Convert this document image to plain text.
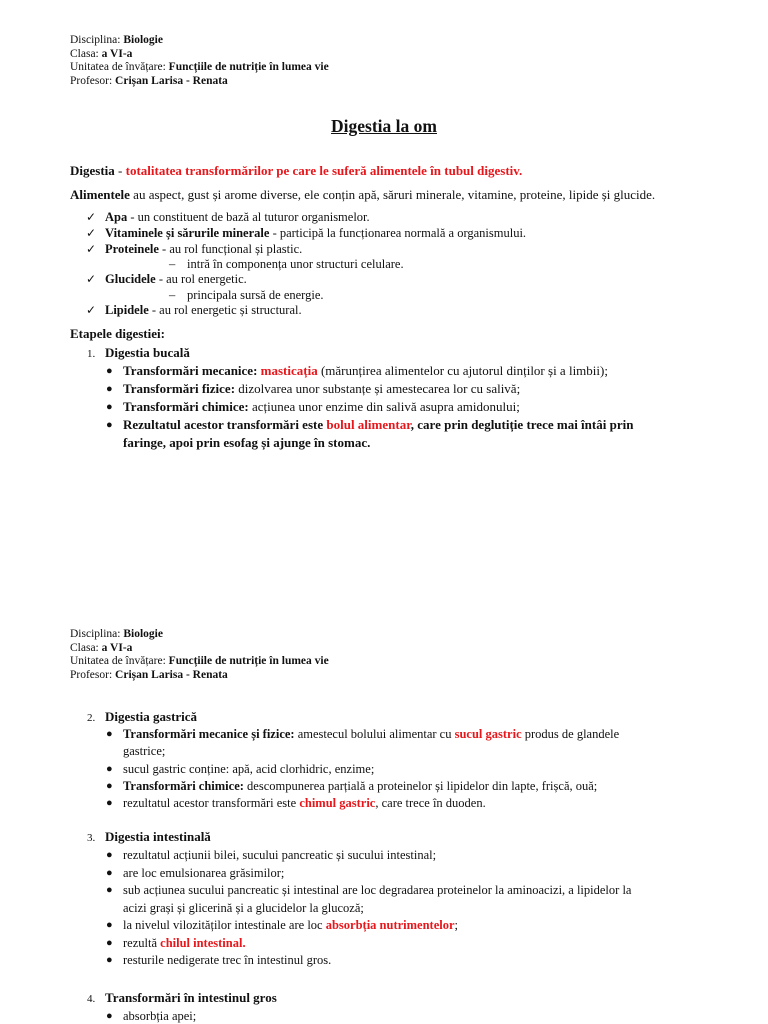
Disciplina: Biologie
Clasa: a VI-a
Unitatea de învățare: Funcțiile de nutriție în lumea vie
Profesor: Crișan Larisa - Renata
Digestia la om
Digestia - totalitatea transformărilor pe care le suferă alimentele în tubul digestiv.
Alimentele au aspect, gust și arome diverse, ele conțin apă, săruri minerale, vitamine, proteine, lipide și glucide.
✓ Apa - un constituent de bază al tuturor organismelor.
✓ Vitaminele și sărurile minerale - participă la funcționarea normală a organismului.
✓ Proteinele - au rol funcțional și plastic.
– intră în componența unor structuri celulare.
✓ Glucidele - au rol energetic.
– principala sursă de energie.
✓ Lipidele - au rol energetic și structural.
Etapele digestiei:
1. Digestia bucală
● Transformări mecanice: masticația (mărunțirea alimentelor cu ajutorul dinților și a limbii);
● Transformări fizice: dizolvarea unor substanțe și amestecarea lor cu salivă;
● Transformări chimice: acțiunea unor enzime din salivă asupra amidonului;
● Rezultatul acestor transformări este bolul alimentar, care prin deglutiție trece mai întâi prin
faringe, apoi prin esofag și ajunge în stomac.
Disciplina: Biologie
Clasa: a VI-a
Unitatea de învățare: Funcțiile de nutriție în lumea vie
Profesor: Crișan Larisa - Renata
2. Digestia gastrică
● Transformări mecanice și fizice: amestecul bolului alimentar cu sucul gastric produs de glandele
gastrice;
● sucul gastric conține: apă, acid clorhidric, enzime;
● Transformări chimice: descompunerea parțială a proteinelor și lipidelor din lapte, frișcă, ouă;
● rezultatul acestor transformări este chimul gastric, care trece în duoden.
3. Digestia intestinală
● rezultatul acțiunii bilei, sucului pancreatic și sucului intestinal;
● are loc emulsionarea grăsimilor;
● sub acțiunea sucului pancreatic și intestinal are loc degradarea proteinelor la aminoacizi, a lipidelor la
acizi grași și glicerină și a glucidelor la glucoză;
● la nivelul vilozităților intestinale are loc absorbția nutrimentelor;
● rezultă chilul intestinal.
● resturile nedigerate trec în intestinul gros.
4. Transformări în intestinul gros
● absorbția apei;
